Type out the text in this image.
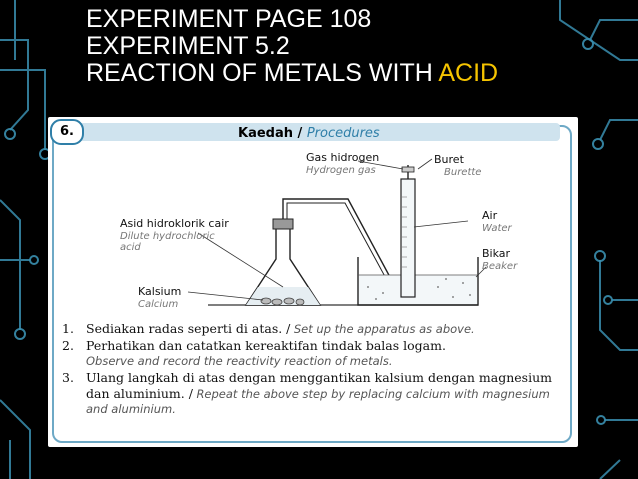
EXPERIMENT PAGE 108
EXPERIMENT 5.2
REACTION OF METALS WITH ACID
6.	Kaedah / Procedures
Gas hidrogen
Hydrogen gas
Buret
Burette
Asid hidroklorik cair
Dilute hydrochloric
acid
Air
Water
Bikar
Beaker
Kalsium
Calcium
1. Sediakan radas seperti di atas. / Set up the apparatus as above.
2. Perhatikan dan catatkan kereaktifan tindak balas logam.
Observe and record the reactivity reaction of metals.
3. Ulang langkah di atas dengan menggantikan kalsium dengan magnesium dan aluminium. / Repeat the above step by replacing calcium with magnesium and aluminium.
